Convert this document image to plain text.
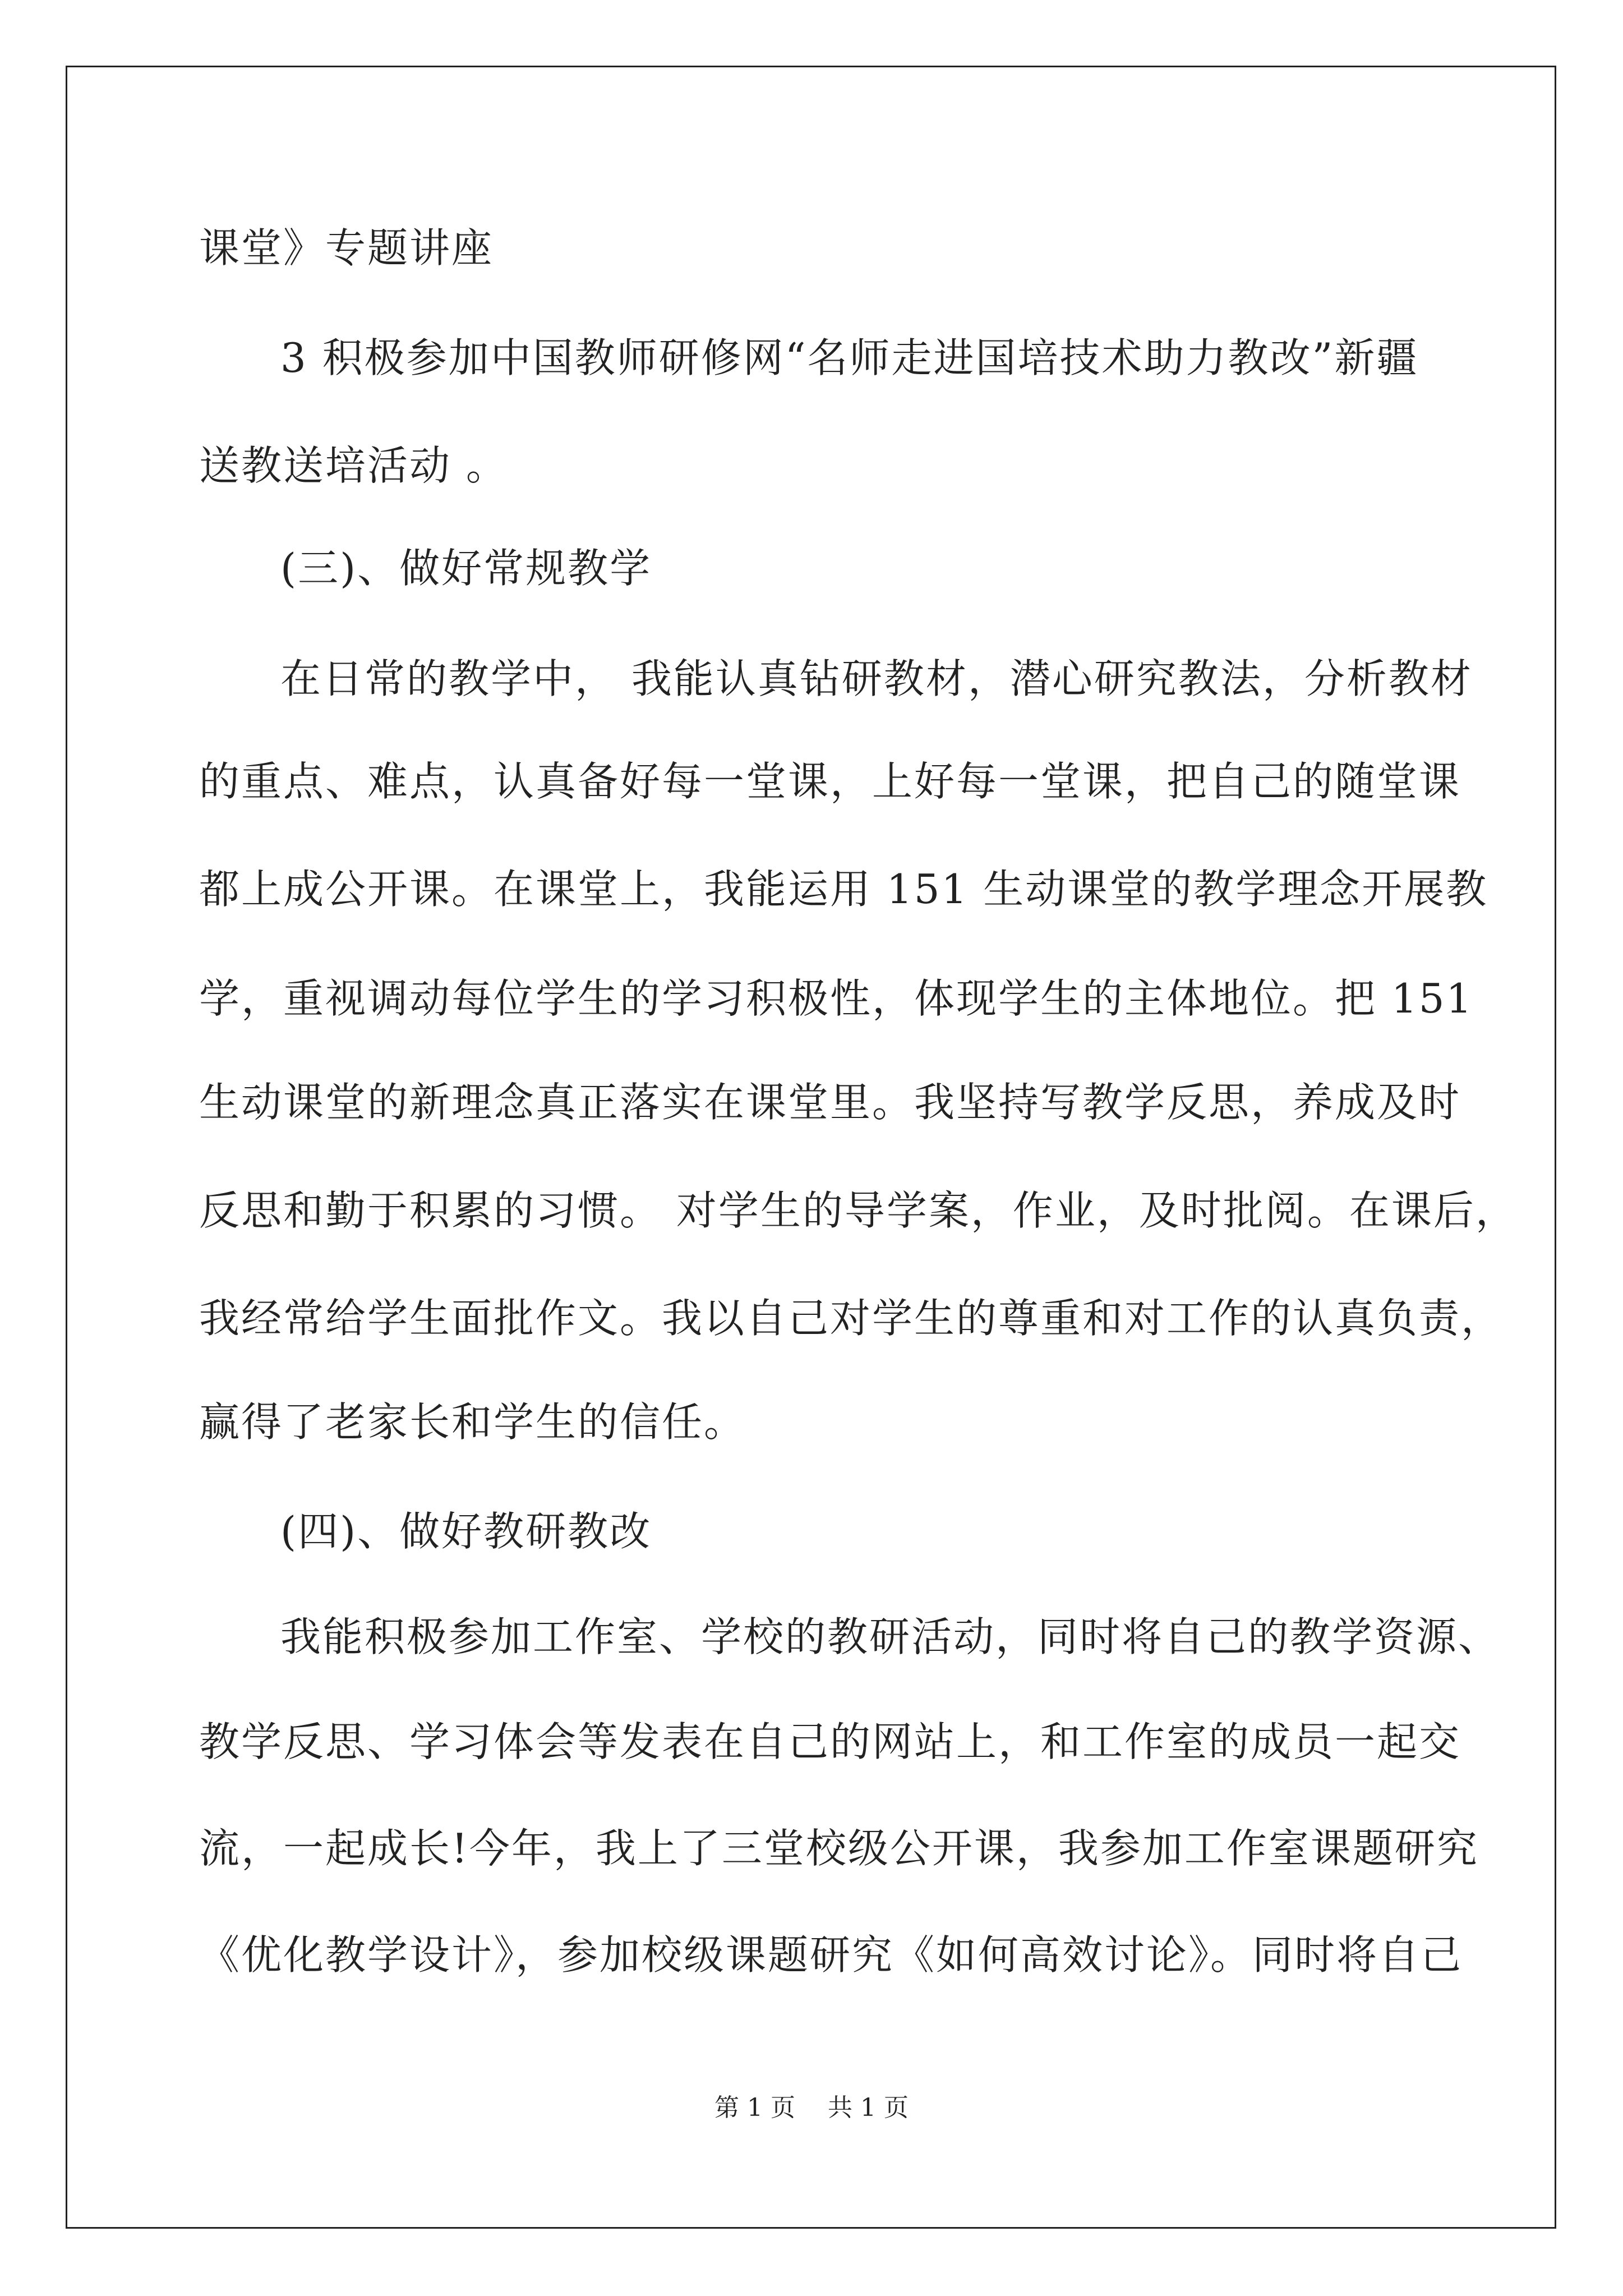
课堂》专题讲座

3 积极参加中国教师研修网“名师走进国培技术助力教改”新疆

送教送培活动 。

(三)、做好常规教学

在日常的教学中， 我能认真钻研教材，潜心研究教法，分析教材

的重点、难点，认真备好每一堂课，上好每一堂课，把自己的随堂课

都上成公开课。在课堂上，我能运用 151 生动课堂的教学理念开展教

学，重视调动每位学生的学习积极性，体现学生的主体地位。把 151

生动课堂的新理念真正落实在课堂里。我坚持写教学反思，养成及时

反思和勤于积累的习惯。 对学生的导学案，作业，及时批阅。在课后，

我经常给学生面批作文。我以自己对学生的尊重和对工作的认真负责，

赢得了老家长和学生的信任。

(四)、做好教研教改

我能积极参加工作室、学校的教研活动，同时将自己的教学资源、

教学反思、学习体会等发表在自己的网站上，和工作室的成员一起交

流，一起成长!今年，我上了三堂校级公开课，我参加工作室课题研究

《优化教学设计》，参加校级课题研究《如何高效讨论》。同时将自己

第 1 页　 共 1 页
